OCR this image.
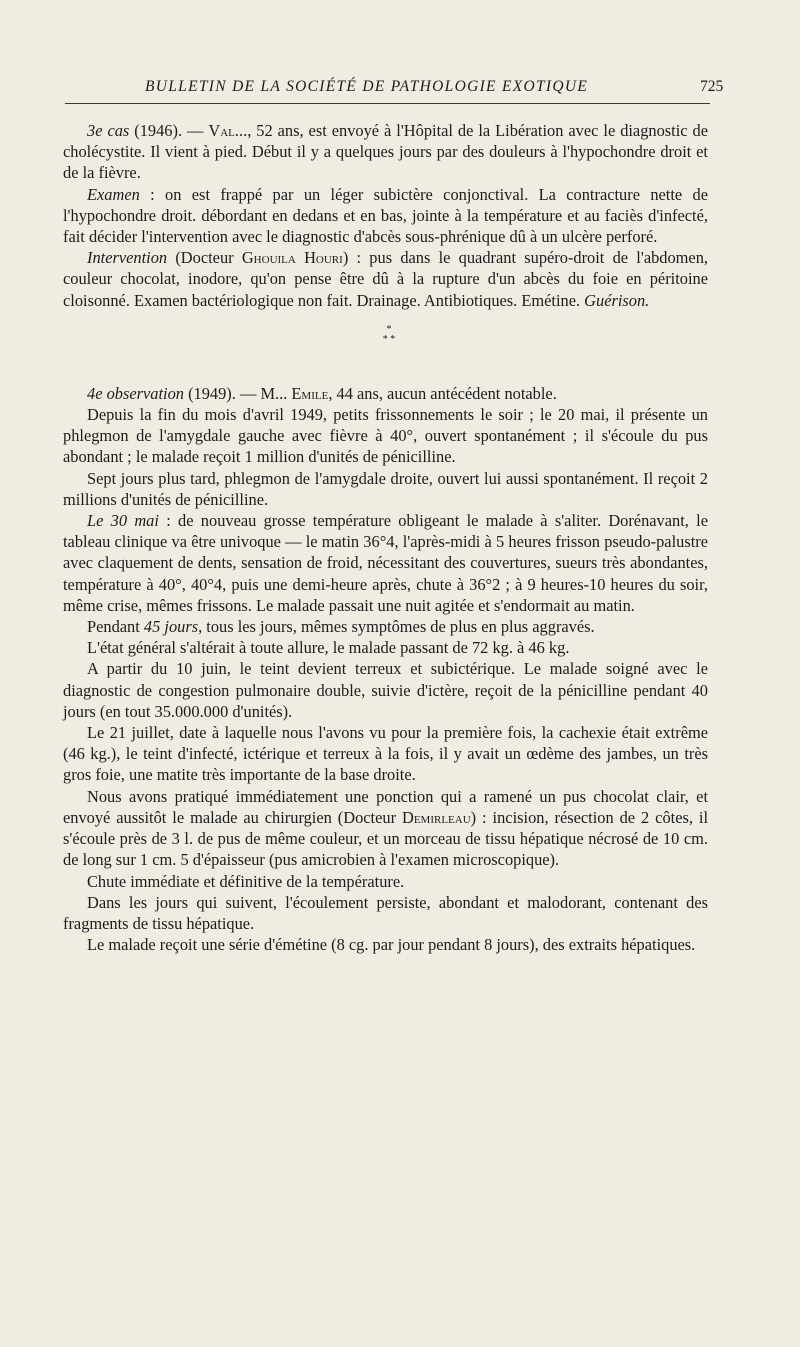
BULLETIN DE LA SOCIÉTÉ DE PATHOLOGIE EXOTIQUE	725

3e cas (1946). — Val..., 52 ans, est envoyé à l'Hôpital de la Libération avec le diagnostic de cholécystite. Il vient à pied. Début il y a quelques jours par des douleurs à l'hypochondre droit et de la fièvre.

Examen : on est frappé par un léger subictère conjonctival. La contracture nette de l'hypochondre droit. débordant en dedans et en bas, jointe à la température et au faciès d'infecté, fait décider l'intervention avec le diagnostic d'abcès sous-phrénique dû à un ulcère perforé.

Intervention (Docteur Ghouila Houri) : pus dans le quadrant supéro-droit de l'abdomen, couleur chocolat, inodore, qu'on pense être dû à la rupture d'un abcès du foie en péritoine cloisonné. Examen bactériologique non fait. Drainage. Antibiotiques. Emétine. Guérison.

*
* *

4e observation (1949). — M... Emile, 44 ans, aucun antécédent notable.

Depuis la fin du mois d'avril 1949, petits frissonnements le soir ; le 20 mai, il présente un phlegmon de l'amygdale gauche avec fièvre à 40°, ouvert spontanément ; il s'écoule du pus abondant ; le malade reçoit 1 million d'unités de pénicilline.

Sept jours plus tard, phlegmon de l'amygdale droite, ouvert lui aussi spontanément. Il reçoit 2 millions d'unités de pénicilline.

Le 30 mai : de nouveau grosse température obligeant le malade à s'aliter. Dorénavant, le tableau clinique va être univoque — le matin 36°4, l'après-midi à 5 heures frisson pseudo-palustre avec claquement de dents, sensation de froid, nécessitant des couvertures, sueurs très abondantes, température à 40°, 40°4, puis une demi-heure après, chute à 36°2 ; à 9 heures-10 heures du soir, même crise, mêmes frissons. Le malade passait une nuit agitée et s'endormait au matin.

Pendant 45 jours, tous les jours, mêmes symptômes de plus en plus aggravés.

L'état général s'altérait à toute allure, le malade passant de 72 kg. à 46 kg.

A partir du 10 juin, le teint devient terreux et subictérique. Le malade soigné avec le diagnostic de congestion pulmonaire double, suivie d'ictère, reçoit de la pénicilline pendant 40 jours (en tout 35.000.000 d'unités).

Le 21 juillet, date à laquelle nous l'avons vu pour la première fois, la cachexie était extrême (46 kg.), le teint d'infecté, ictérique et terreux à la fois, il y avait un œdème des jambes, un très gros foie, une matite très importante de la base droite.

Nous avons pratiqué immédiatement une ponction qui a ramené un pus chocolat clair, et envoyé aussitôt le malade au chirurgien (Docteur Demirleau) : incision, résection de 2 côtes, il s'écoule près de 3 l. de pus de même couleur, et un morceau de tissu hépatique nécrosé de 10 cm. de long sur 1 cm. 5 d'épaisseur (pus amicrobien à l'examen microscopique).

Chute immédiate et définitive de la température.

Dans les jours qui suivent, l'écoulement persiste, abondant et malodorant, contenant des fragments de tissu hépatique.

Le malade reçoit une série d'émétine (8 cg. par jour pendant 8 jours), des extraits hépatiques.
